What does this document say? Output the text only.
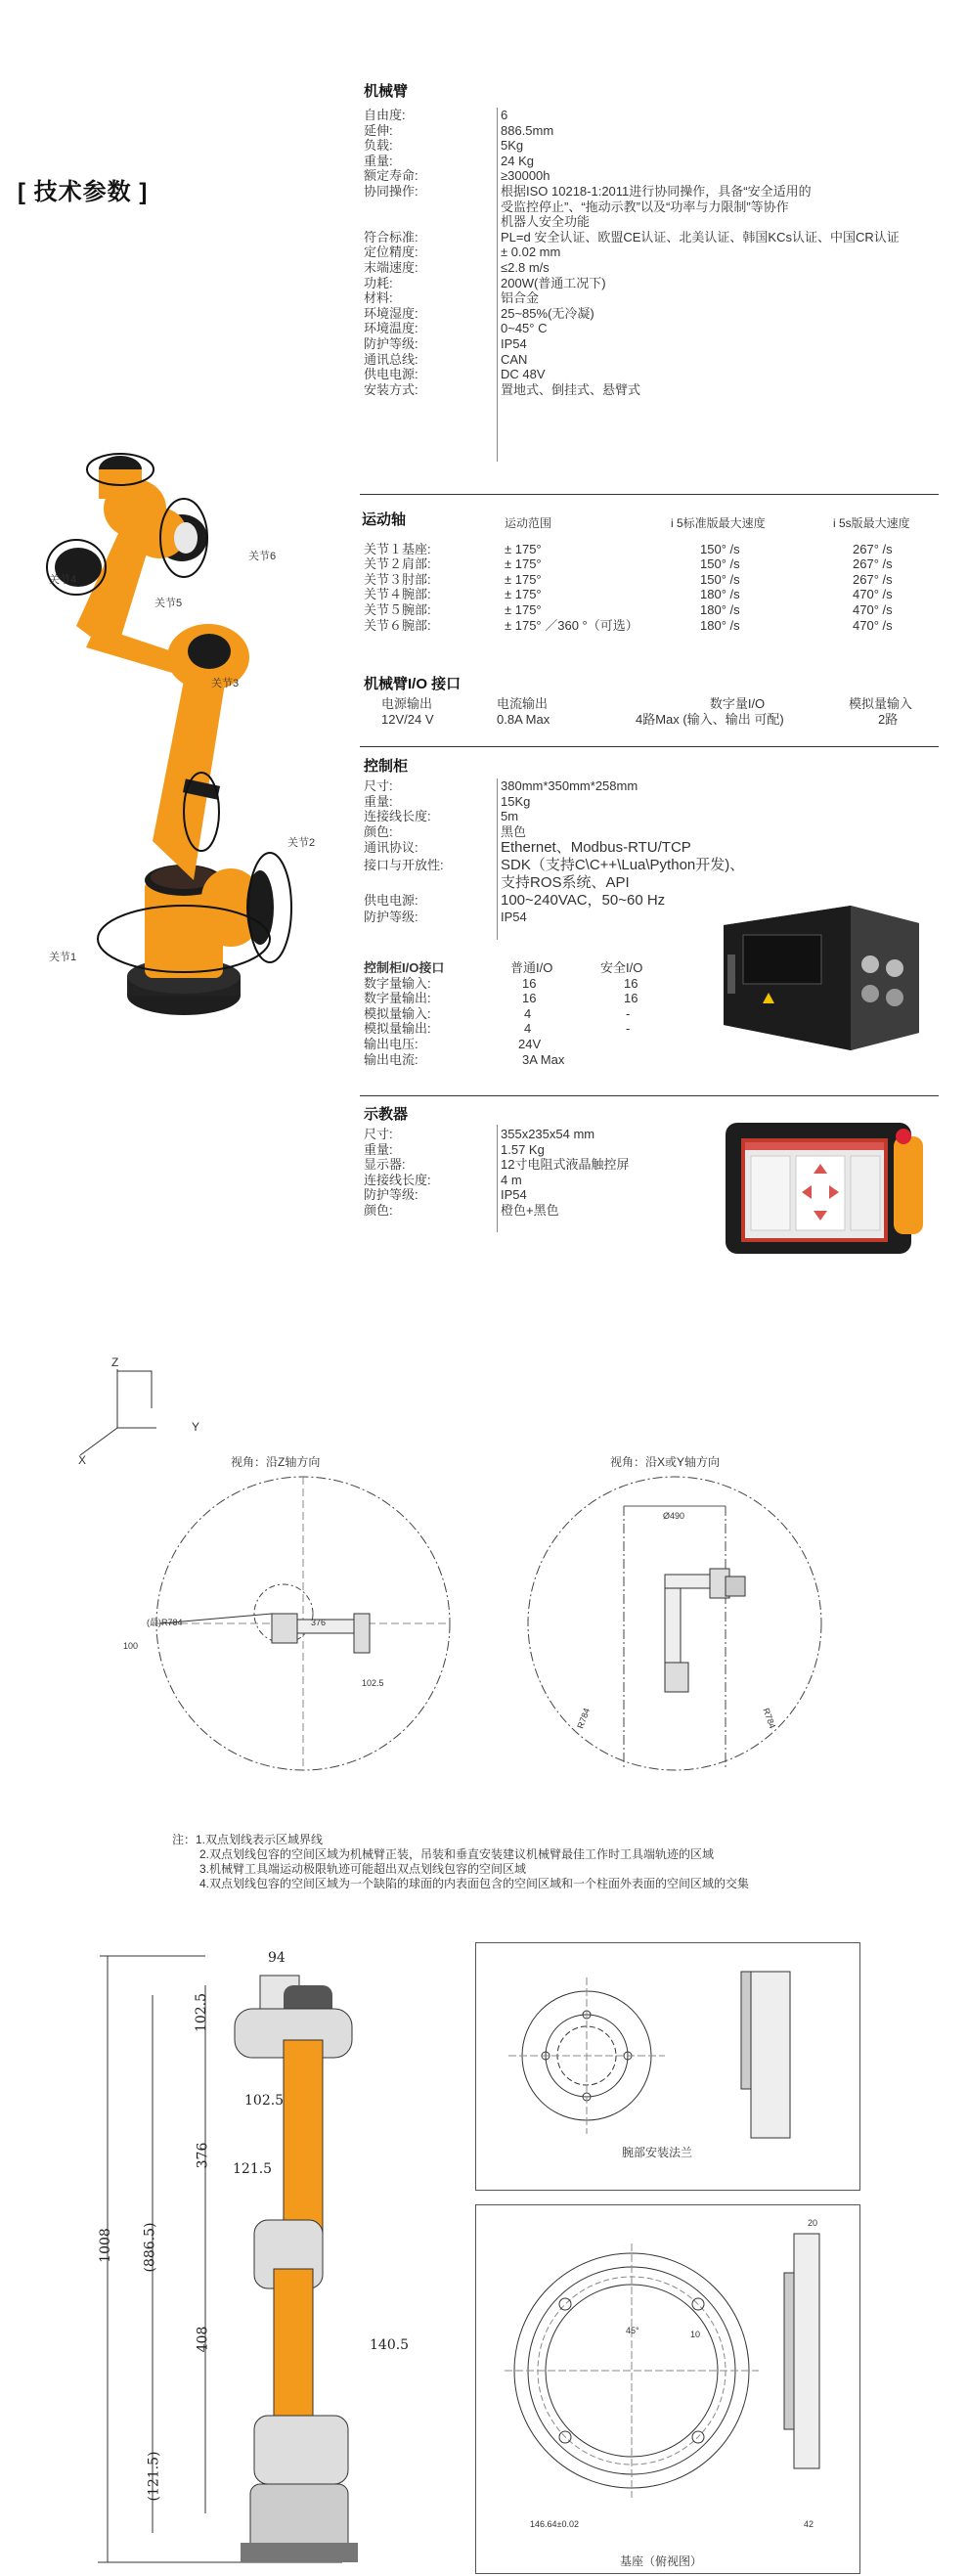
[ 技术参数 ]
关节6
关节4
关节5
关节3
关节2
关节1
机械臂
自由度:	6
延伸:	886.5mm
负载:	5Kg
重量:	24 Kg
额定寿命:	≥30000h
协同操作:	根据ISO 10218-1:2011进行协同操作，具备“安全适用的
受监控停止”、“拖动示教”以及“功率与力限制”等协作
机器人安全功能
符合标准:	PL=d 安全认证、欧盟CE认证、北美认证、韩国KCs认证、中国CR认证
定位精度:	± 0.02 mm
末端速度:	≤2.8 m/s
功耗:	200W(普通工况下)
材料:	铝合金
环境湿度:	25~85%(无冷凝)
环境温度:	0~45° C
防护等级:	IP54
通讯总线:	CAN
供电电源:	DC 48V
安装方式:	置地式、倒挂式、悬臂式
运动轴	运动范围	i 5标准版最大速度	i 5s版最大速度
关节１基座:	± 175°	150° /s	267° /s
关节２肩部:	± 175°	150° /s	267° /s
关节３肘部:	± 175°	150° /s	267° /s
关节４腕部:	± 175°	180° /s	470° /s
关节５腕部:	± 175°	180° /s	470° /s
关节６腕部:	± 175° ／360 °（可选）	180° /s	470° /s
机械臂I/O 接口
电源输出	电流输出	数字量I/O	模拟量输入
12V/24 V	0.8A Max	4路Max (输入、输出 可配)	2路
控制柜
尺寸:	380mm*350mm*258mm
重量:	15Kg
连接线长度:	5m
颜色:	黑色
通讯协议:	Ethernet、Modbus-RTU/TCP
接口与开放性:	SDK（支持C\C++\Lua\Python开发)、
支持ROS系统、API
供电电源:	100~240VAC，50~60 Hz
防护等级:	IP54
控制柜I/O接口	普通I/O	安全I/O
数字量输入:	16	16
数字量输出:	16	16
模拟量输入:	4	-
模拟量输出:	4	-
输出电压:	24V
输出电流:	3A Max
示教器
尺寸:	355x235x54 mm
重量:	1.57 Kg
显示器:	12寸电阻式液晶触控屏
连接线长度:	4 m
防护等级:	IP54
颜色:	橙色+黑色
Z
Y
X	视角：沿Z轴方向	视角：沿X或Y轴方向
(最)R784	376
102.5
100
Ø490
R784	R784
注：1.双点划线表示区域界线
2.双点划线包容的空间区域为机械臂正装，吊装和垂直安装建议机械臂最佳工作时工具端轨迹的区域
3.机械臂工具端运动极限轨迹可能超出双点划线包容的空间区域
4.双点划线包容的空间区域为一个缺陷的球面的内表面包含的空间区域和一个柱面外表面的空间区域的交集
94
102.5
102.5
376
121.5
1008 (886.5)
408	140.5
(121.5)
腕部安装法兰
146.64±0.02
20
42
10
45°
基座（俯视图）
